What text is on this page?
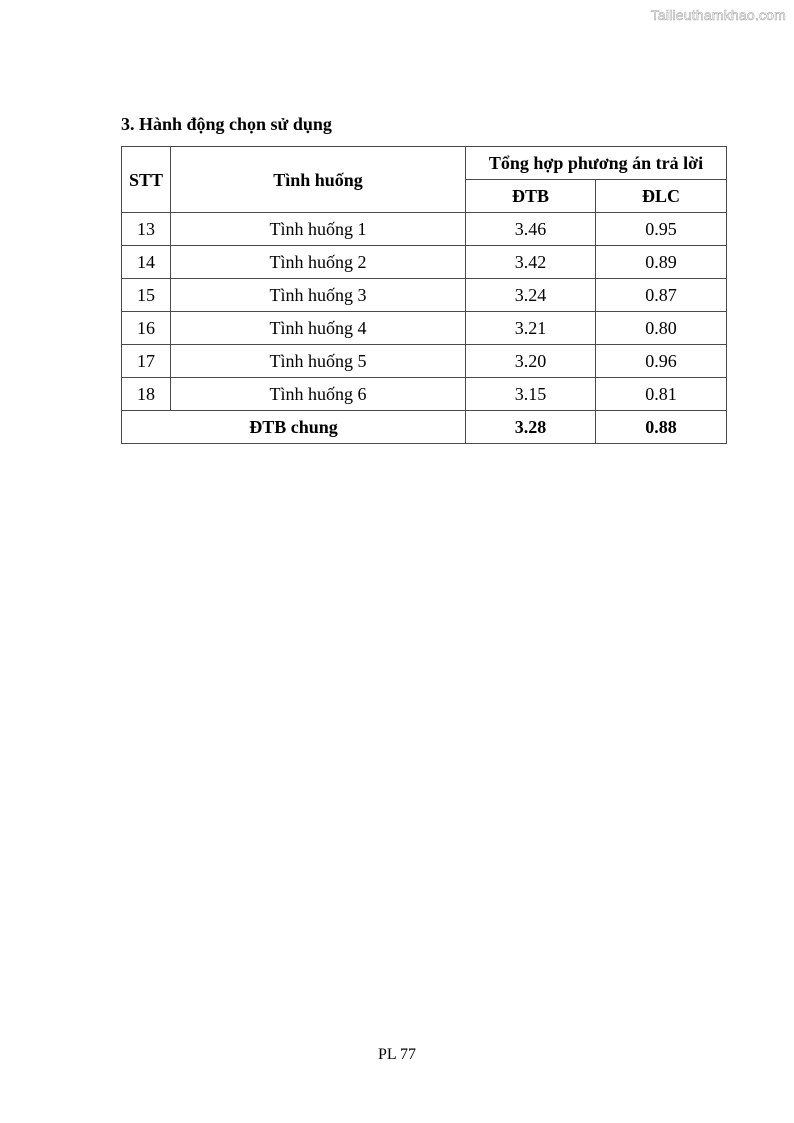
Tailieuthamkhao.com
3. Hành động chọn sử dụng
STT	Tình huống	Tổng hợp phương án trả lời	
		ĐTB	ĐLC
13	Tình huống 1	3.46	0.95
14	Tình huống 2	3.42	0.89
15	Tình huống 3	3.24	0.87
16	Tình huống 4	3.21	0.80
17	Tình huống 5	3.20	0.96
18	Tình huống 6	3.15	0.81
ĐTB chung		3.28	0.88
PL 77
